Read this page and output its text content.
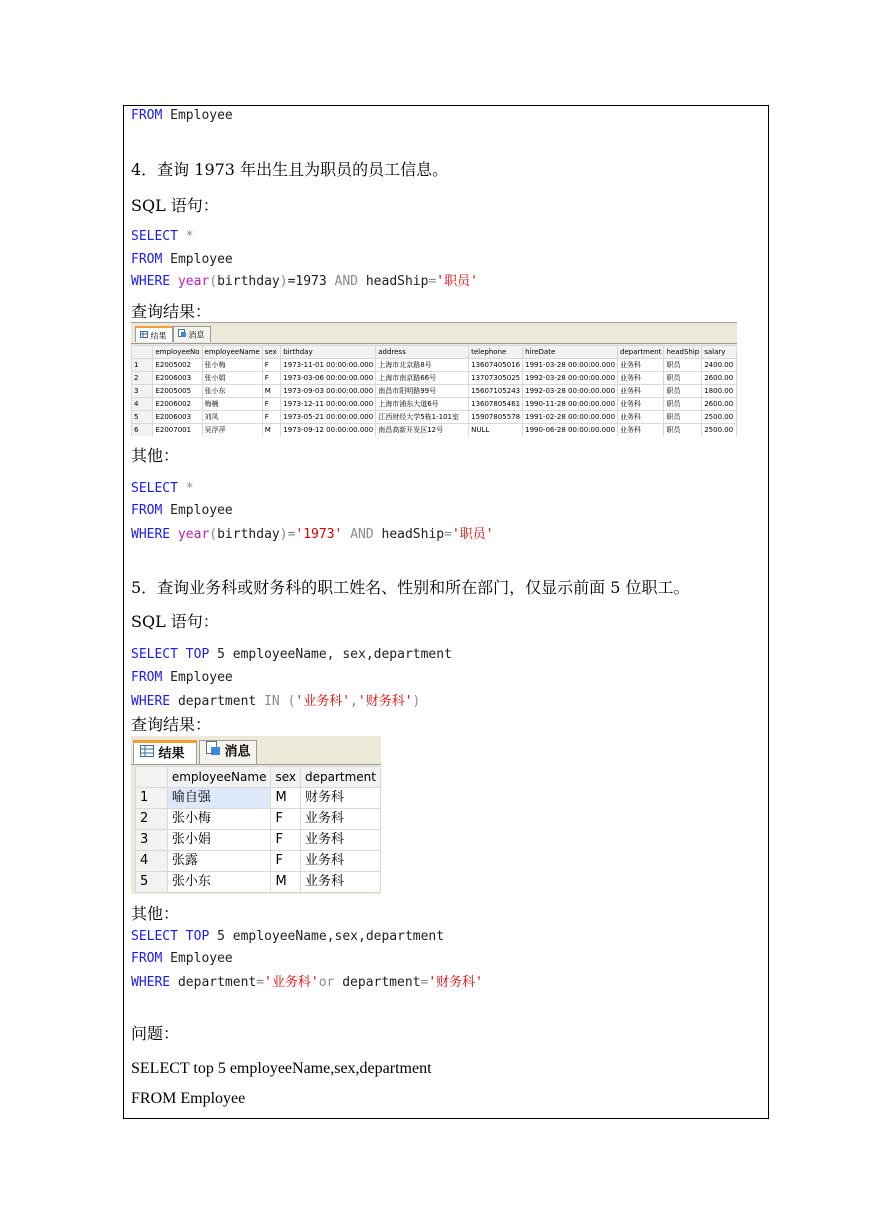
FROM Employee
4．查询 1973 年出生且为职员的员工信息。
SQL 语句：
SELECT *
FROM Employee
WHERE year(birthday)=1973 AND headShip='职员'
查询结果：
结果	消息
	employeeNo	employeeName	sex	birthday	address	telephone	hireDate	department	headShip	salary
1	E2005002	张小梅	F	1973-11-01 00:00:00.000	上海市北京路8号	13607405016	1991-03-28 00:00:00.000	业务科	职员	2400.00
2	E2006003	张小娟	F	1973-03-06 00:00:00.000	上海市南京路66号	13707305025	1992-03-28 00:00:00.000	业务科	职员	2600.00
3	E2005005	张小东	M	1973-09-03 00:00:00.000	南昌市阳明路99号	15607105243	1992-03-28 00:00:00.000	业务科	职员	1800.00
4	E2006002	梅楠	F	1973-12-11 00:00:00.000	上海市浦东大道6号	13607805461	1990-11-28 00:00:00.000	业务科	职员	2600.00
5	E2006003	刘凤	F	1973-05-21 00:00:00.000	江西财经大学5栋1-101室	15907805578	1991-02-28 00:00:00.000	业务科	职员	2500.00
6	E2007001	吴浮萍	M	1973-09-12 00:00:00.000	南昌高新开发区12号	NULL	1990-06-28 00:00:00.000	业务科	职员	2500.00
其他：
SELECT *
FROM Employee
WHERE year(birthday)='1973' AND headShip='职员'
5．查询业务科或财务科的职工姓名、性别和所在部门，仅显示前面 5 位职工。
SQL 语句：
SELECT TOP 5 employeeName, sex,department
FROM Employee
WHERE department IN ('业务科','财务科')
查询结果：
结果	消息
	employeeName	sex	department
1	喻自强	M	财务科
2	张小梅	F	业务科
3	张小娟	F	业务科
4	张露	F	业务科
5	张小东	M	业务科
其他：
SELECT TOP 5 employeeName,sex,department
FROM Employee
WHERE department='业务科'or department='财务科'
问题：
SELECT top 5 employeeName,sex,department
FROM Employee
